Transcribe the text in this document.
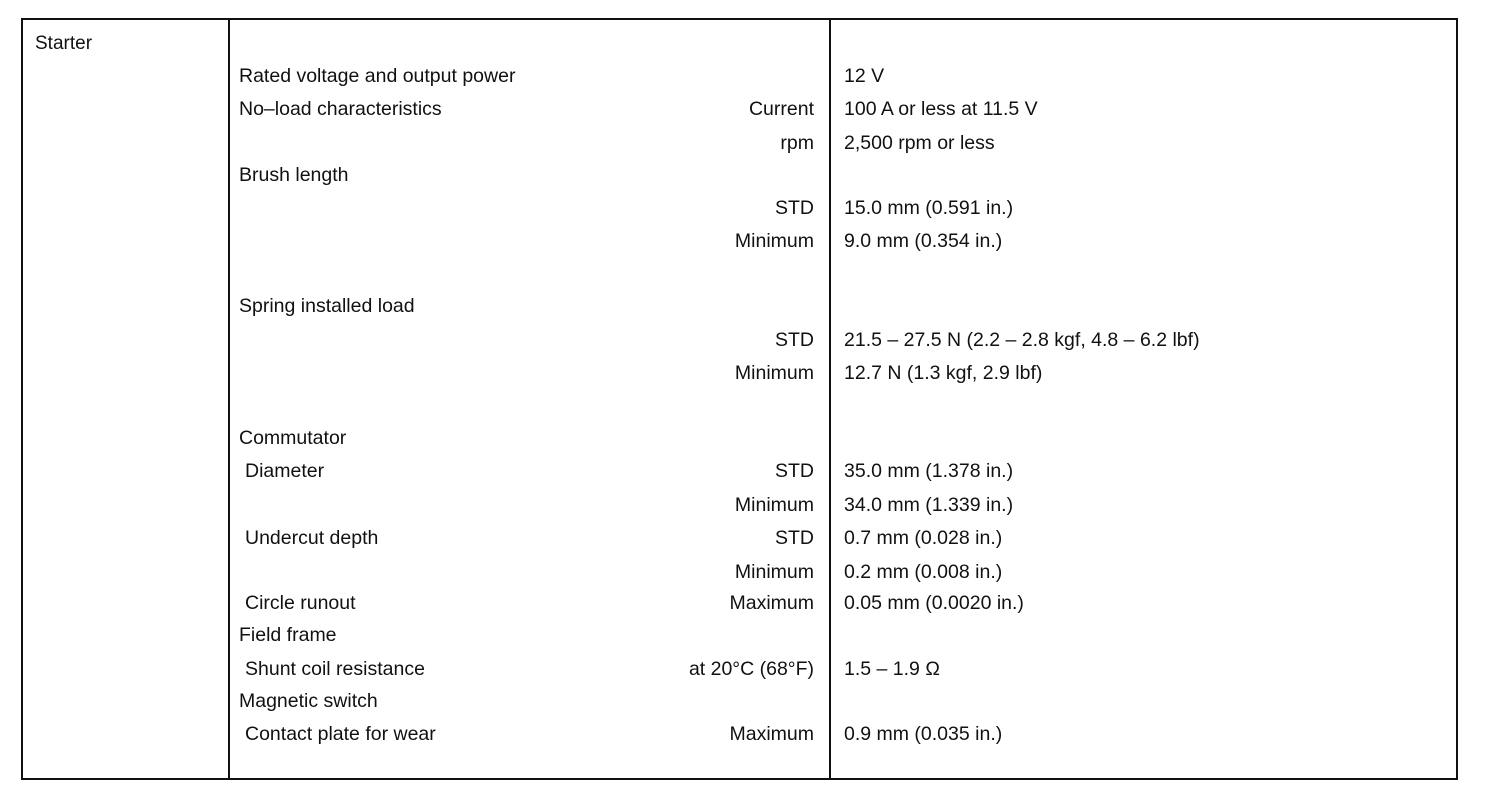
Starter
Rated voltage and output power	12 V
No–load characteristics	Current 100 A or less at 11.5 V
rpm 2,500 rpm or less
Brush length
STD 15.0 mm (0.591 in.)
Minimum 9.0 mm (0.354 in.)
Spring installed load
STD 21.5 – 27.5 N (2.2 – 2.8 kgf, 4.8 – 6.2 lbf)
Minimum 12.7 N (1.3 kgf, 2.9 lbf)
Commutator
Diameter	STD 35.0 mm (1.378 in.)
Minimum 34.0 mm (1.339 in.)
Undercut depth	STD 0.7 mm (0.028 in.)
Minimum 0.2 mm (0.008 in.)
Circle runout	Maximum 0.05 mm (0.0020 in.)
Field frame
Shunt coil resistance	at 20°C (68°F) 1.5 – 1.9 Ω
Magnetic switch
Contact plate for wear	Maximum 0.9 mm (0.035 in.)
